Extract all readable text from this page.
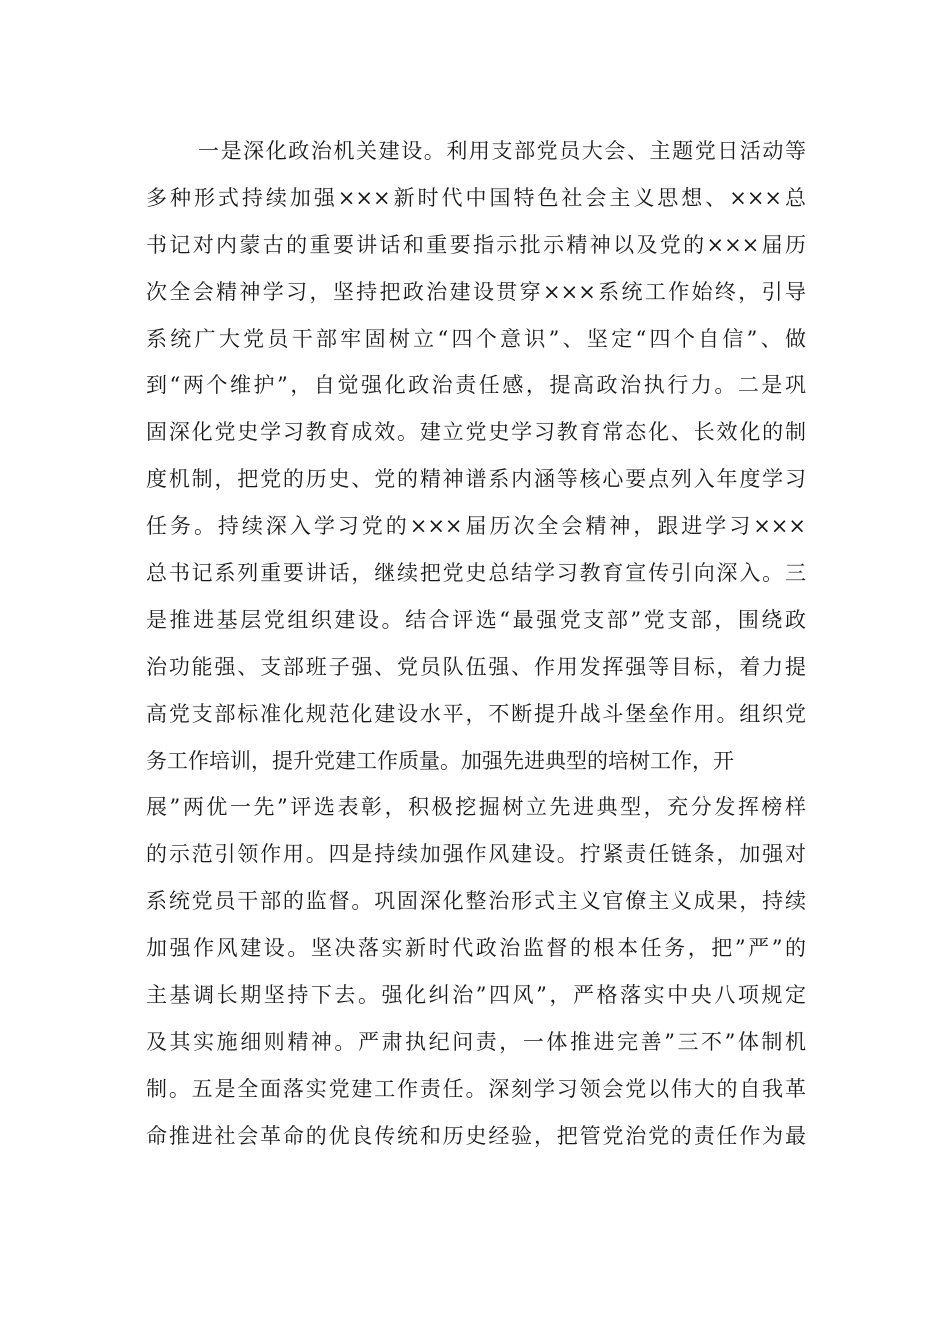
一是深化政治机关建设。利用支部党员大会、主题党日活动等
多种形式持续加强×××新时代中国特色社会主义思想、×××总
书记对内蒙古的重要讲话和重要指示批示精神以及党的×××届历
次全会精神学习，坚持把政治建设贯穿×××系统工作始终，引导
系统广大党员干部牢固树立“四个意识”、坚定“四个自信”、做
到“两个维护”，自觉强化政治责任感，提高政治执行力。二是巩
固深化党史学习教育成效。建立党史学习教育常态化、长效化的制
度机制，把党的历史、党的精神谱系内涵等核心要点列入年度学习
任务。持续深入学习党的×××届历次全会精神，跟进学习×××
总书记系列重要讲话，继续把党史总结学习教育宣传引向深入。三
是推进基层党组织建设。结合评选“最强党支部”党支部，围绕政
治功能强、支部班子强、党员队伍强、作用发挥强等目标，着力提
高党支部标准化规范化建设水平，不断提升战斗堡垒作用。组织党
务工作培训，提升党建工作质量。加强先进典型的培树工作，开
展”两优一先”评选表彰，积极挖掘树立先进典型，充分发挥榜样
的示范引领作用。四是持续加强作风建设。拧紧责任链条，加强对
系统党员干部的监督。巩固深化整治形式主义官僚主义成果，持续
加强作风建设。坚决落实新时代政治监督的根本任务，把”严”的
主基调长期坚持下去。强化纠治”四风”，严格落实中央八项规定
及其实施细则精神。严肃执纪问责，一体推进完善”三不”体制机
制。五是全面落实党建工作责任。深刻学习领会党以伟大的自我革
命推进社会革命的优良传统和历史经验，把管党治党的责任作为最
